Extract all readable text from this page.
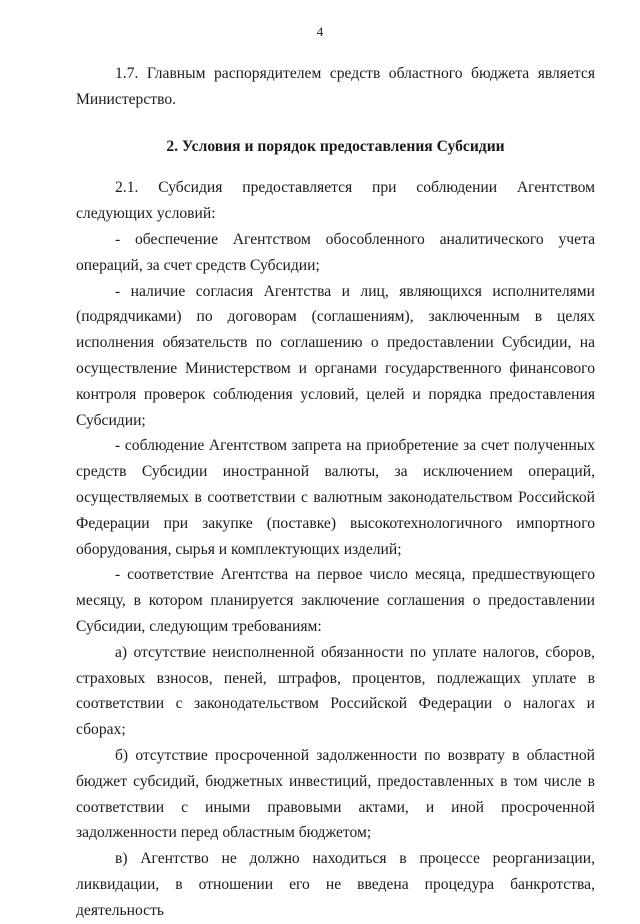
4

1.7. Главным распорядителем средств областного бюджета является Министерство.

2. Условия и порядок предоставления Субсидии

2.1. Субсидия предоставляется при соблюдении Агентством следующих условий:

- обеспечение Агентством обособленного аналитического учета операций, за счет средств Субсидии;

- наличие согласия Агентства и лиц, являющихся исполнителями (подрядчиками) по договорам (соглашениям), заключенным в целях исполнения обязательств по соглашению о предоставлении Субсидии, на осуществление Министерством и органами государственного финансового контроля проверок соблюдения условий, целей и порядка предоставления Субсидии;

- соблюдение Агентством запрета на приобретение за счет полученных средств Субсидии иностранной валюты, за исключением операций, осуществляемых в соответствии с валютным законодательством Российской Федерации при закупке (поставке) высокотехнологичного импортного оборудования, сырья и комплектующих изделий;

- соответствие Агентства на первое число месяца, предшествующего месяцу, в котором планируется заключение соглашения о предоставлении Субсидии, следующим требованиям:

а) отсутствие неисполненной обязанности по уплате налогов, сборов, страховых взносов, пеней, штрафов, процентов, подлежащих уплате в соответствии с законодательством Российской Федерации о налогах и сборах;

б) отсутствие просроченной задолженности по возврату в областной бюджет субсидий, бюджетных инвестиций, предоставленных в том числе в соответствии с иными правовыми актами, и иной просроченной задолженности перед областным бюджетом;

в) Агентство не должно находиться в процессе реорганизации, ликвидации, в отношении его не введена процедура банкротства, деятельность
